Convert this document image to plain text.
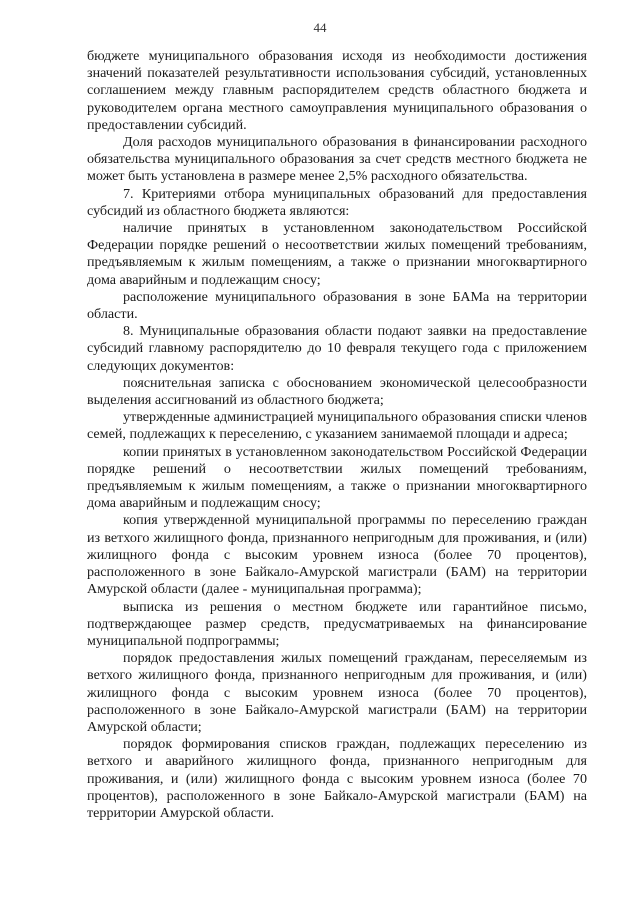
44

бюджете муниципального образования исходя из необходимости достижения значений показателей результативности использования субсидий, установленных соглашением между главным распорядителем средств областного бюджета и руководителем органа местного самоуправления муниципального образования о предоставлении субсидий.

Доля расходов муниципального образования в финансировании расходного обязательства муниципального образования за счет средств местного бюджета не может быть установлена в размере менее 2,5% расходного обязательства.

7. Критериями отбора муниципальных образований для предоставления субсидий из областного бюджета являются:

наличие принятых в установленном законодательством Российской Федерации порядке решений о несоответствии жилых помещений требованиям, предъявляемым к жилым помещениям, а также о признании многоквартирного дома аварийным и подлежащим сносу;

расположение муниципального образования в зоне БАМа на территории области.

8. Муниципальные образования области подают заявки на предоставление субсидий главному распорядителю до 10 февраля текущего года с приложением следующих документов:

пояснительная записка с обоснованием экономической целесообразности выделения ассигнований из областного бюджета;

утвержденные администрацией муниципального образования списки членов семей, подлежащих к переселению, с указанием занимаемой площади и адреса;

копии принятых в установленном законодательством Российской Федерации порядке решений о несоответствии жилых помещений требованиям, предъявляемым к жилым помещениям, а также о признании многоквартирного дома аварийным и подлежащим сносу;

копия утвержденной муниципальной программы по переселению граждан из ветхого жилищного фонда, признанного непригодным для проживания, и (или) жилищного фонда с высоким уровнем износа (более 70 процентов), расположенного в зоне Байкало-Амурской магистрали (БАМ) на территории Амурской области (далее - муниципальная программа);

выписка из решения о местном бюджете или гарантийное письмо, подтверждающее размер средств, предусматриваемых на финансирование муниципальной подпрограммы;

порядок предоставления жилых помещений гражданам, переселяемым из ветхого жилищного фонда, признанного непригодным для проживания, и (или) жилищного фонда с высоким уровнем износа (более 70 процентов), расположенного в зоне Байкало-Амурской магистрали (БАМ) на территории Амурской области;

порядок формирования списков граждан, подлежащих переселению из ветхого и аварийного жилищного фонда, признанного непригодным для проживания, и (или) жилищного фонда с высоким уровнем износа (более 70 процентов), расположенного в зоне Байкало-Амурской магистрали (БАМ) на территории Амурской области.
